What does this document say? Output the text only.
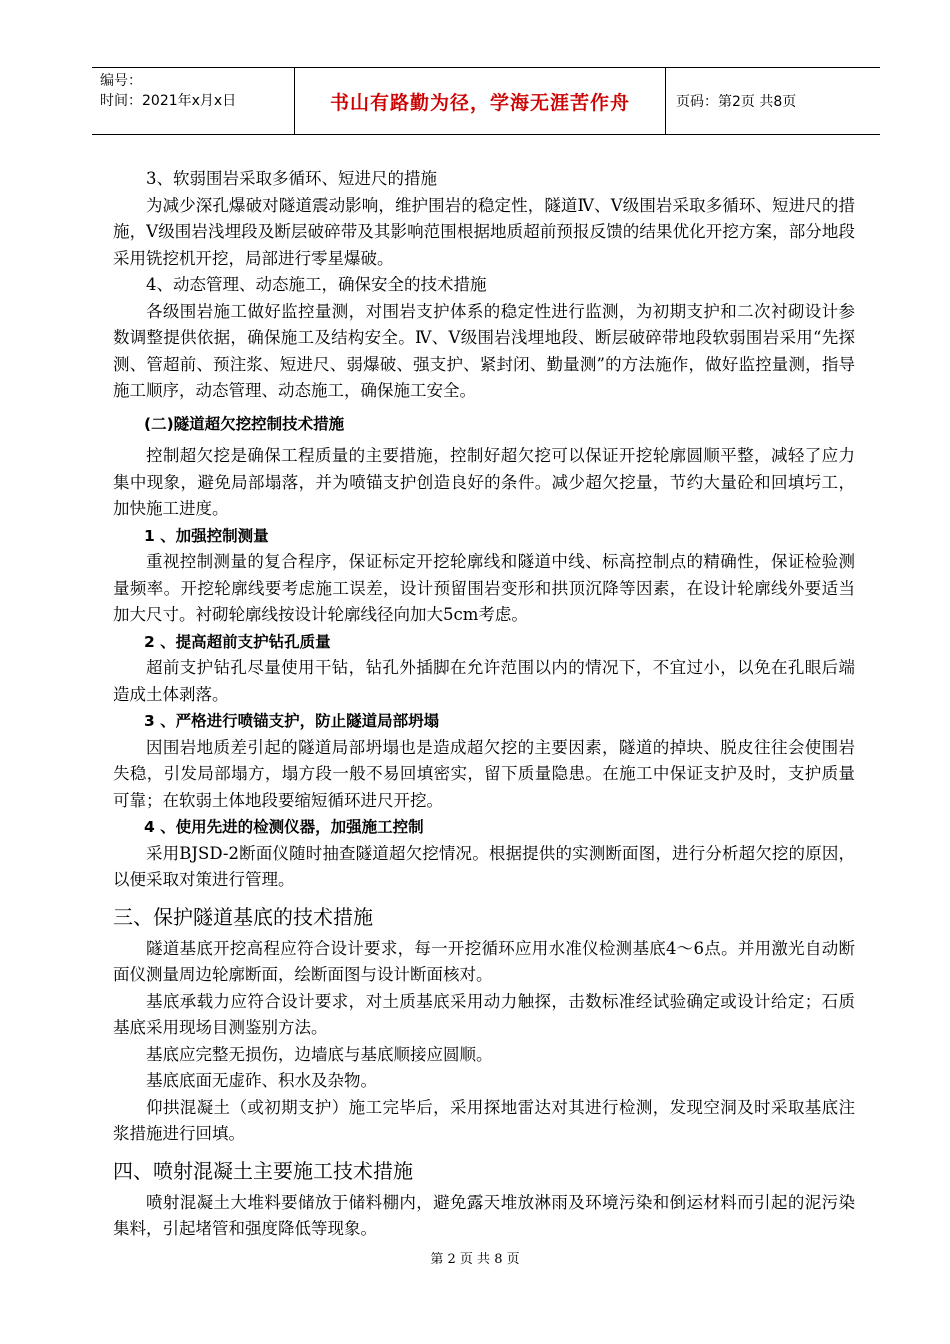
编号：
时间：2021年x月x日	书山有路勤为径，学海无涯苦作舟	页码：第2页 共8页

3、软弱围岩采取多循环、短进尺的措施

为减少深孔爆破对隧道震动影响，维护围岩的稳定性，隧道Ⅳ、Ⅴ级围岩采取多循环、短进尺的措施，Ⅴ级围岩浅埋段及断层破碎带及其影响范围根据地质超前预报反馈的结果优化开挖方案，部分地段采用铣挖机开挖，局部进行零星爆破。

4、动态管理、动态施工，确保安全的技术措施

各级围岩施工做好监控量测，对围岩支护体系的稳定性进行监测，为初期支护和二次衬砌设计参数调整提供依据，确保施工及结构安全。Ⅳ、Ⅴ级围岩浅埋地段、断层破碎带地段软弱围岩采用“先探测、管超前、预注浆、短进尺、弱爆破、强支护、紧封闭、勤量测”的方法施作，做好监控量测，指导施工顺序，动态管理、动态施工，确保施工安全。

(二)隧道超欠挖控制技术措施

控制超欠挖是确保工程质量的主要措施，控制好超欠挖可以保证开挖轮廓圆顺平整，减轻了应力集中现象，避免局部塌落，并为喷锚支护创造良好的条件。减少超欠挖量，节约大量砼和回填圬工，加快施工进度。

1 、加强控制测量

重视控制测量的复合程序，保证标定开挖轮廓线和隧道中线、标高控制点的精确性，保证检验测量频率。开挖轮廓线要考虑施工误差，设计预留围岩变形和拱顶沉降等因素，在设计轮廓线外要适当加大尺寸。衬砌轮廓线按设计轮廓线径向加大5cm考虑。

2 、提高超前支护钻孔质量

超前支护钻孔尽量使用干钻，钻孔外插脚在允许范围以内的情况下，不宜过小，以免在孔眼后端造成土体剥落。

3 、严格进行喷锚支护，防止隧道局部坍塌

因围岩地质差引起的隧道局部坍塌也是造成超欠挖的主要因素，隧道的掉块、脱皮往往会使围岩失稳，引发局部塌方，塌方段一般不易回填密实，留下质量隐患。在施工中保证支护及时，支护质量可靠；在软弱土体地段要缩短循环进尺开挖。

4 、使用先进的检测仪器，加强施工控制

采用BJSD-2断面仪随时抽查隧道超欠挖情况。根据提供的实测断面图，进行分析超欠挖的原因，以便采取对策进行管理。

三、保护隧道基底的技术措施

隧道基底开挖高程应符合设计要求，每一开挖循环应用水准仪检测基底4～6点。并用激光自动断面仪测量周边轮廓断面，绘断面图与设计断面核对。

基底承载力应符合设计要求，对土质基底采用动力触探，击数标准经试验确定或设计给定；石质基底采用现场目测鉴别方法。

基底应完整无损伤，边墙底与基底顺接应圆顺。

基底底面无虚砟、积水及杂物。

仰拱混凝土（或初期支护）施工完毕后，采用探地雷达对其进行检测，发现空洞及时采取基底注浆措施进行回填。

四、喷射混凝土主要施工技术措施

喷射混凝土大堆料要储放于储料棚内，避免露天堆放淋雨及环境污染和倒运材料而引起的泥污染集料，引起堵管和强度降低等现象。

第 2 页 共 8 页
